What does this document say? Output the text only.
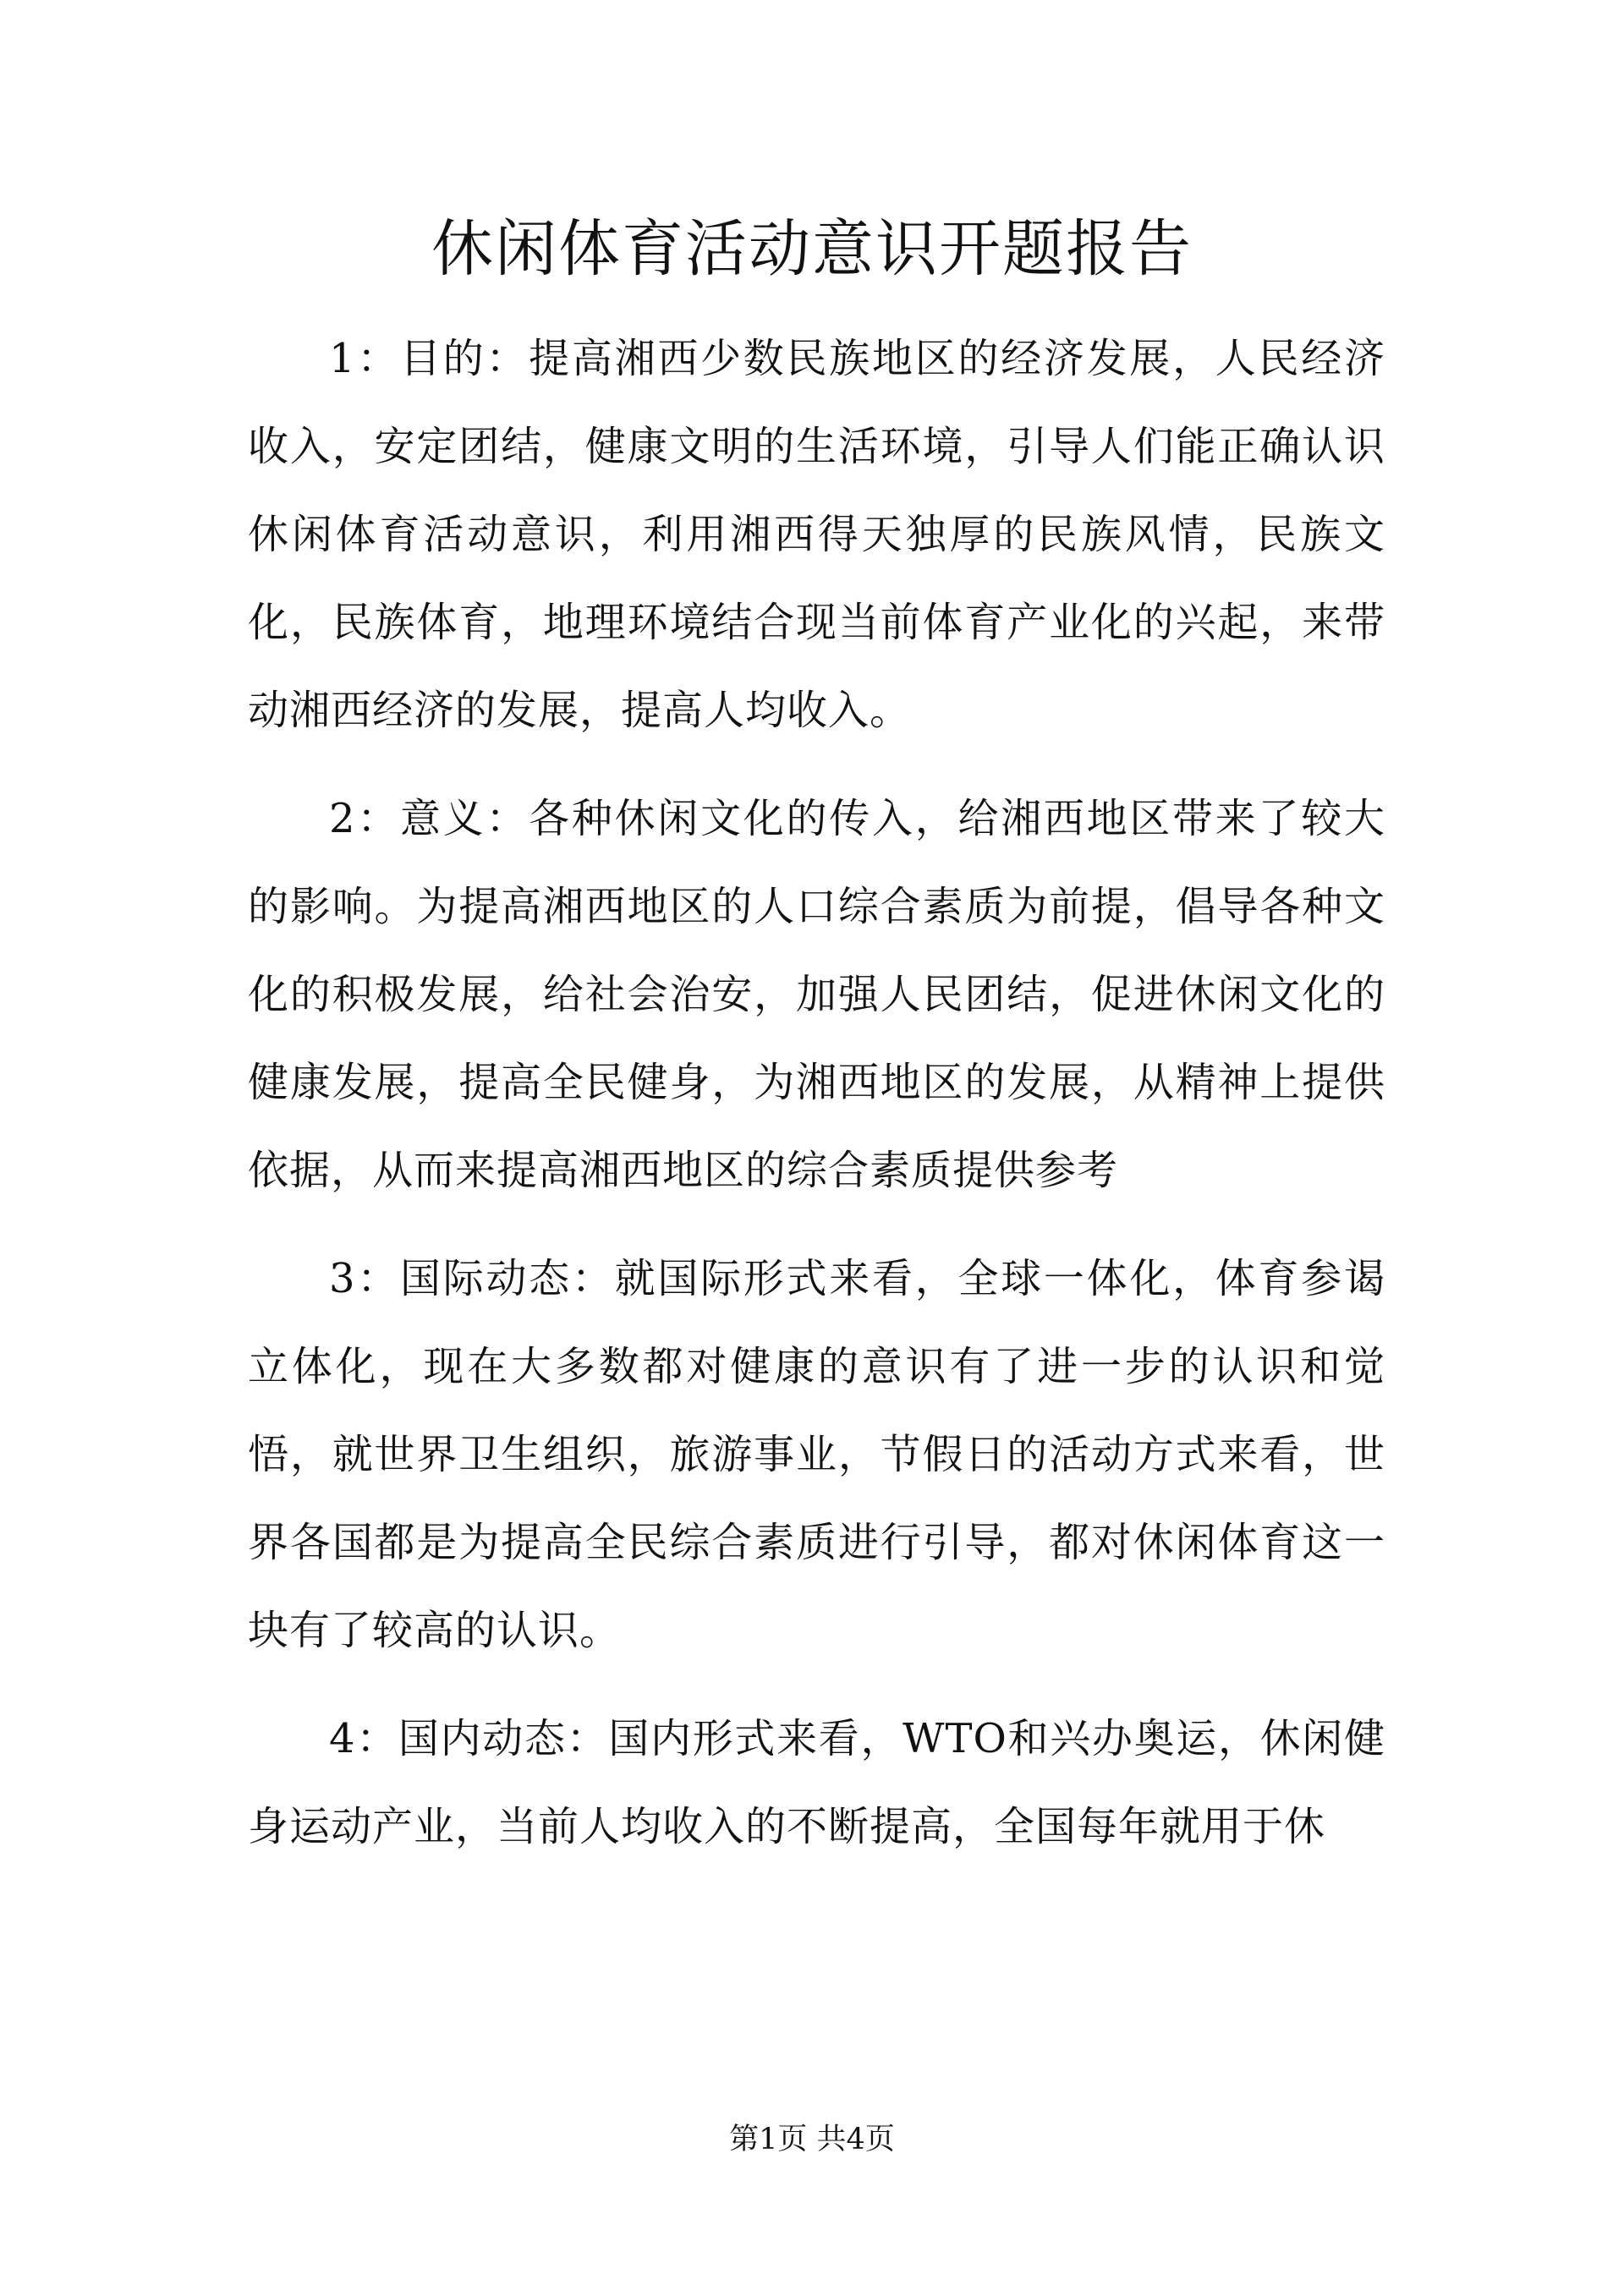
休闲体育活动意识开题报告

1：目的：提高湘西少数民族地区的经济发展，人民经济收入，安定团结，健康文明的生活环境，引导人们能正确认识休闲体育活动意识，利用湘西得天独厚的民族风情，民族文化，民族体育，地理环境结合现当前体育产业化的兴起，来带动湘西经济的发展，提高人均收入。

2：意义：各种休闲文化的传入，给湘西地区带来了较大的影响。为提高湘西地区的人口综合素质为前提，倡导各种文化的积极发展，给社会治安，加强人民团结，促进休闲文化的健康发展，提高全民健身，为湘西地区的发展，从精神上提供依据，从而来提高湘西地区的综合素质提供参考

3：国际动态：就国际形式来看，全球一体化，体育参谒立体化，现在大多数都对健康的意识有了进一步的认识和觉悟，就世界卫生组织，旅游事业，节假日的活动方式来看，世界各国都是为提高全民综合素质进行引导，都对休闲体育这一块有了较高的认识。

4：国内动态：国内形式来看，WTO和兴办奥运，休闲健身运动产业，当前人均收入的不断提高，全国每年就用于休

第1页 共4页
